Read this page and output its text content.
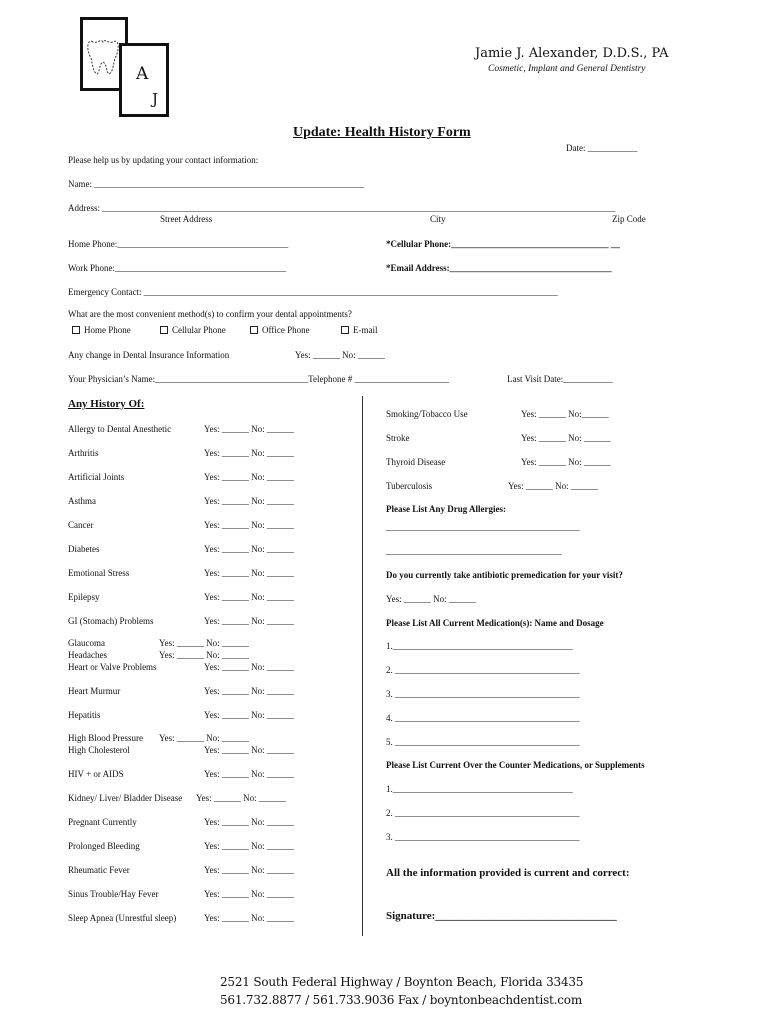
A
J
Jamie J. Alexander, D.D.S., PA
Cosmetic, Implant and General Dentistry
Update: Health History Form
Date: ___________
Please help us by updating your contact information:
Name: ____________________________________________________________
Address: __________________________________________________________________________________________________________________
Street Address	City	Zip Code
Home Phone:______________________________________	*Cellular Phone:___________________________________ __
Work Phone:______________________________________	*Email Address:____________________________________
Emergency Contact: ____________________________________________________________________________________________
What are the most convenient method(s) to confirm your dental appointments?
Home Phone	Cellular Phone	Office Phone	E-mail
Any change in Dental Insurance Information	Yes: ______ No: ______
Your Physician’s Name:__________________________________Telephone # _____________________	Last Visit Date:___________
Any History Of:
Allergy to Dental Anesthetic	Yes: ______ No: ______
Arthritis	Yes: ______ No: ______
Artificial Joints	Yes: ______ No: ______
Asthma	Yes: ______ No: ______
Cancer	Yes: ______ No: ______
Diabetes	Yes: ______ No: ______
Emotional Stress	Yes: ______ No: ______
Epilepsy	Yes: ______ No: ______
GI (Stomach) Problems	Yes: ______ No: ______
Glaucoma	Yes: ______ No: ______
Headaches	Yes: ______ No: ______
Heart or Valve Problems	Yes: ______ No: ______
Heart Murmur	Yes: ______ No: ______
Hepatitis	Yes: ______ No: ______
High Blood Pressure Yes: ______ No: ______
High Cholesterol	Yes: ______ No: ______
HIV + or AIDS	Yes: ______ No: ______
Kidney/ Liver/ Bladder Disease Yes: ______ No: ______
Pregnant Currently	Yes: ______ No: ______
Prolonged Bleeding	Yes: ______ No: ______
Rheumatic Fever	Yes: ______ No: ______
Sinus Trouble/Hay Fever	Yes: ______ No: ______
Sleep Apnea (Unrestful sleep)	Yes: ______ No: ______
Smoking/Tobacco Use	Yes: ______ No:______
Stroke	Yes: ______ No: ______
Thyroid Disease	Yes: ______ No: ______
Tuberculosis	Yes: ______ No: ______
Please List Any Drug Allergies:
___________________________________________
_______________________________________
Do you currently take antibiotic premedication for your visit?
Yes: ______ No: ______
Please List All Current Medication(s): Name and Dosage
1.________________________________________
2. _________________________________________
3. _________________________________________
4. _________________________________________
5. _________________________________________
Please List Current Over the Counter Medications, or Supplements
1.________________________________________
2. _________________________________________
3. _________________________________________
All the information provided is current and correct:
Signature:_________________________________
2521 South Federal Highway / Boynton Beach, Florida 33435
561.732.8877 / 561.733.9036 Fax / boyntonbeachdentist.com
